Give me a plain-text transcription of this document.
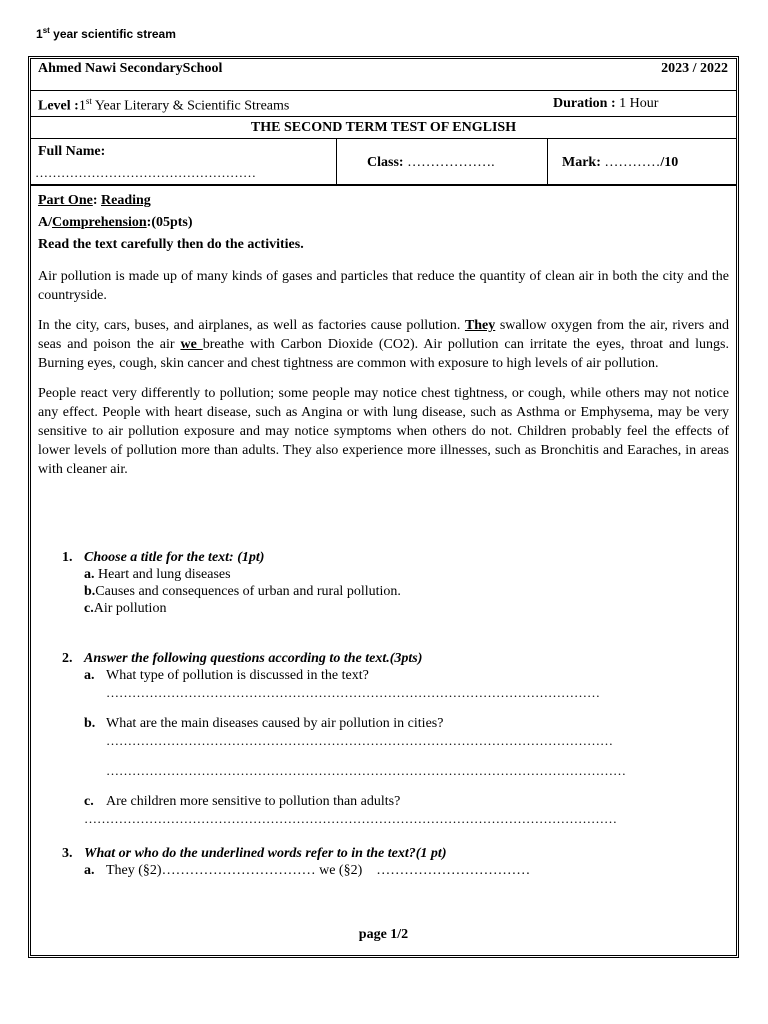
1st year scientific stream
Ahmed Nawi SecondarySchool	2023 / 2022
Level :1st Year Literary & Scientific Streams	Duration : 1 Hour
THE SECOND TERM TEST OF ENGLISH
Full Name:
……………………………………………
Class: ……………….	Mark: …………/10
Part One: Reading
A/Comprehension:(05pts)
Read the text carefully then do the activities.

Air pollution is made up of many kinds of gases and particles that reduce the quantity of clean air in both the city and the countryside.

In the city, cars, buses, and airplanes, as well as factories cause pollution. They swallow oxygen from the air, rivers and seas and poison the air we breathe with Carbon Dioxide (CO2). Air pollution can irritate the eyes, throat and lungs. Burning eyes, cough, skin cancer and chest tightness are common with exposure to high levels of air pollution.

People react very differently to pollution; some people may notice chest tightness, or cough, while others may not notice any effect. People with heart disease, such as Angina or with lung disease, such as Asthma or Emphysema, may be very sensitive to air pollution exposure and may notice symptoms when others do not. Children probably feel the effects of lower levels of pollution more than adults. They also experience more illnesses, such as Bronchitis and Earaches, in areas with cleaner air.

1. Choose a title for the text: (1pt)
a. Heart and lung diseases
b.Causes and consequences of urban and rural pollution.
c.Air pollution
2. Answer the following questions according to the text.(3pts)
a. What type of pollution is discussed in the text?
……………………………………………………………………………………………………
b. What are the main diseases caused by air pollution in cities?
………………………………………………………………………………………………………
…………………………………………………………………………………………………………
c. Are children more sensitive to pollution than adults?
……………………………………………………………………………………………………………
3. What or who do the underlined words refer to in the text?(1 pt)
a. They (§2)…………………………… we (§2)    ……………………………
page 1/2
